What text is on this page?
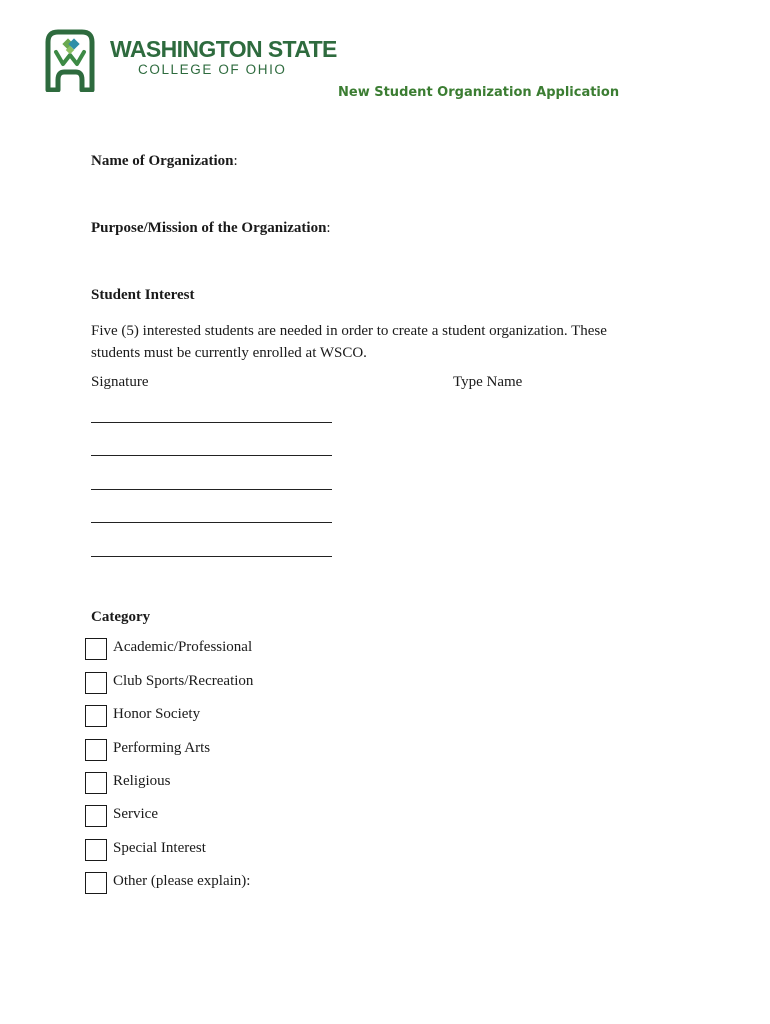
WASHINGTON STATE
COLLEGE OF OHIO
New Student Organization Application
Name of Organization:
Purpose/Mission of the Organization:
Student Interest
Five (5) interested students are needed in order to create a student organization. These
students must be currently enrolled at WSCO.
Signature	Type Name
Category
Academic/Professional
Club Sports/Recreation
Honor Society
Performing Arts
Religious
Service
Special Interest
Other (please explain):
